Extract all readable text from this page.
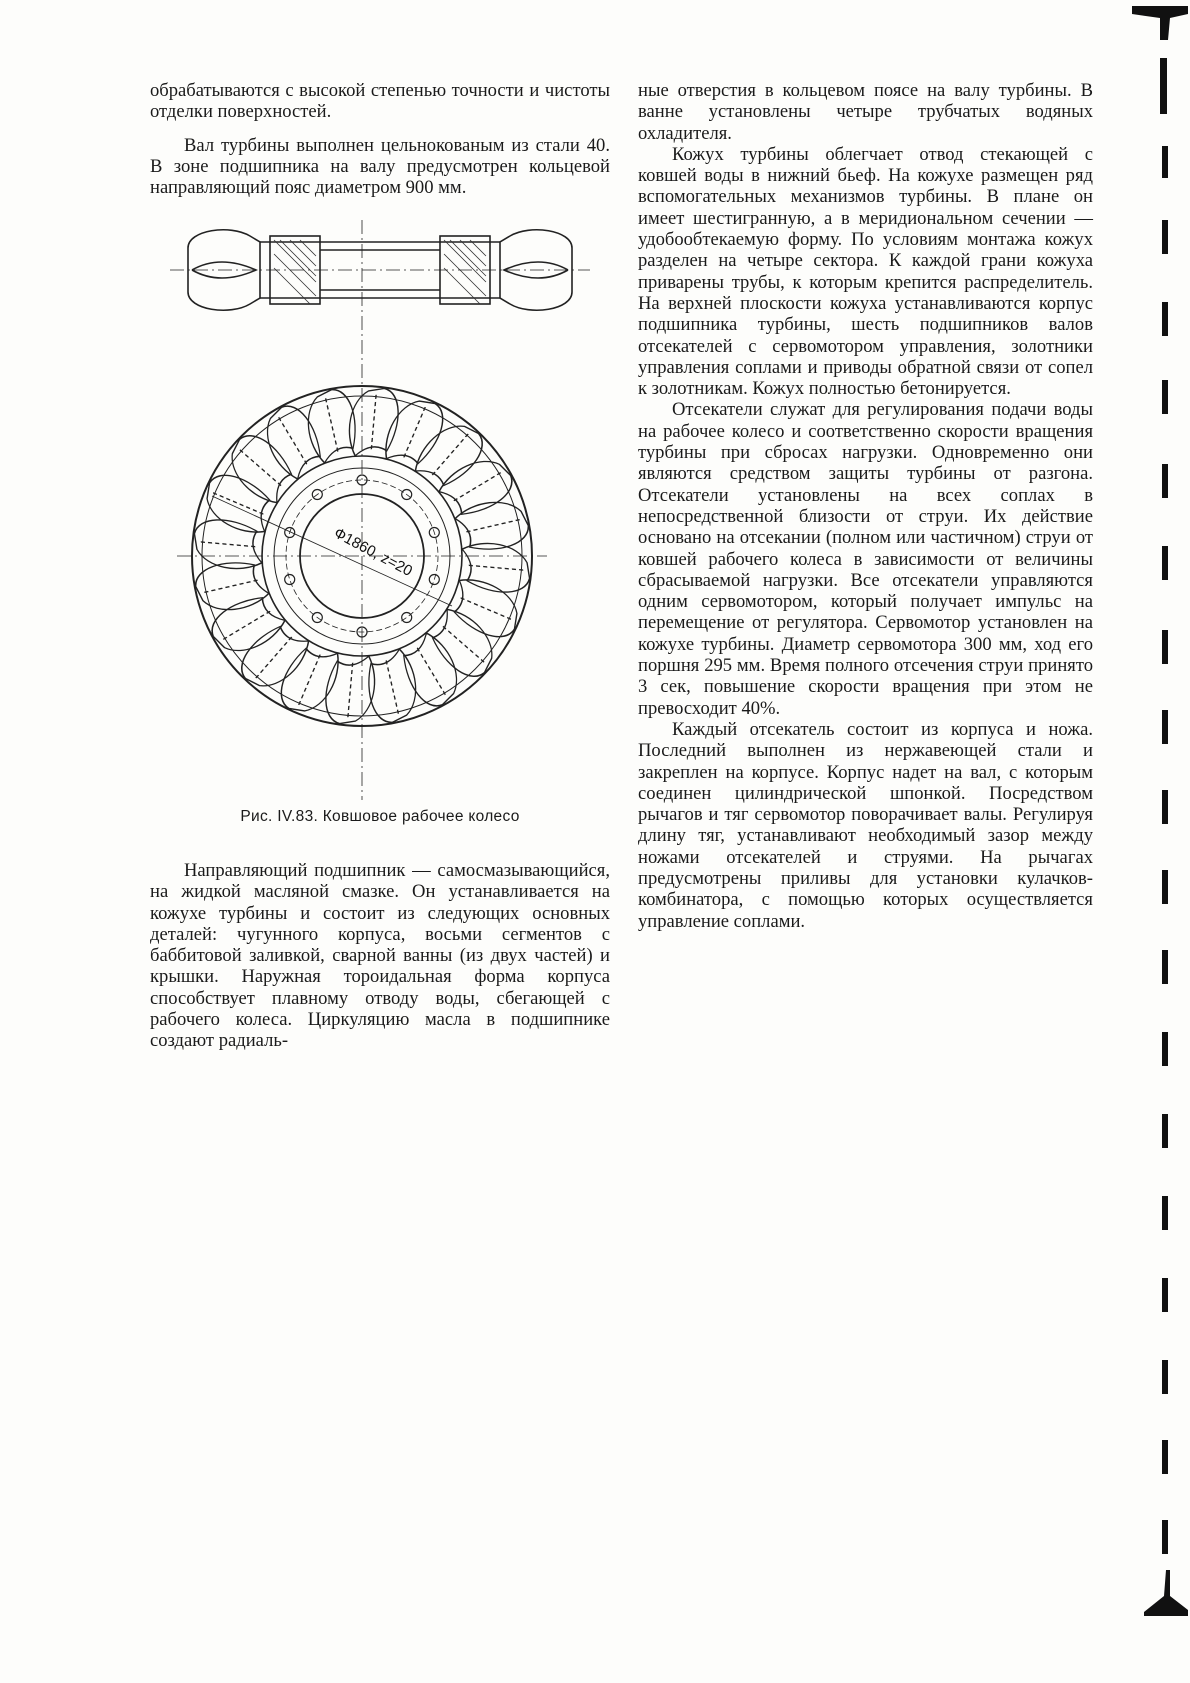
обрабатываются с высокой степенью точности и чистоты отделки поверхностей.

Вал турбины выполнен цельнокованым из стали 40. В зоне подшипника на валу предусмотрен кольцевой направляющий пояс диаметром 900 мм.

Ф1860, z=20
Рис. IV.83. Ковшовое рабочее колесо

Направляющий подшипник — самосмазывающийся, на жидкой масляной смазке. Он устанавливается на кожухе турбины и состоит из следующих основных деталей: чугунного корпуса, восьми сегментов с баббитовой заливкой, сварной ванны (из двух частей) и крышки. Наружная тороидальная форма корпуса способствует плавному отводу воды, сбегающей с рабочего колеса. Циркуляцию масла в подшипнике создают радиаль-

ные отверстия в кольцевом поясе на валу турбины. В ванне установлены четыре трубчатых водяных охладителя.

Кожух турбины облегчает отвод стекающей с ковшей воды в нижний бьеф. На кожухе размещен ряд вспомогательных механизмов турбины. В плане он имеет шестигранную, а в меридиональном сечении — удобообтекаемую форму. По условиям монтажа кожух разделен на четыре сектора. К каждой грани кожуха приварены трубы, к которым крепится распределитель. На верхней плоскости кожуха устанавливаются корпус подшипника турбины, шесть подшипников валов отсекателей с сервомотором управления, золотники управления соплами и приводы обратной связи от сопел к золотникам. Кожух полностью бетонируется.

Отсекатели служат для регулирования подачи воды на рабочее колесо и соответственно скорости вращения турбины при сбросах нагрузки. Одновременно они являются средством защиты турбины от разгона. Отсекатели установлены на всех соплах в непосредственной близости от струи. Их действие основано на отсекании (полном или частичном) струи от ковшей рабочего колеса в зависимости от величины сбрасываемой нагрузки. Все отсекатели управляются одним сервомотором, который получает импульс на перемещение от регулятора. Сервомотор установлен на кожухе турбины. Диаметр сервомотора 300 мм, ход его поршня 295 мм. Время полного отсечения струи принято 3 сек, повышение скорости вращения при этом не превосходит 40%.

Каждый отсекатель состоит из корпуса и ножа. Последний выполнен из нержавеющей стали и закреплен на корпусе. Корпус надет на вал, с которым соединен цилиндрической шпонкой. Посредством рычагов и тяг сервомотор поворачивает валы. Регулируя длину тяг, устанавливают необходимый зазор между ножами отсекателей и струями. На рычагах предусмотрены приливы для установки кулачков-комбинатора, с помощью которых осуществляется управление соплами.
